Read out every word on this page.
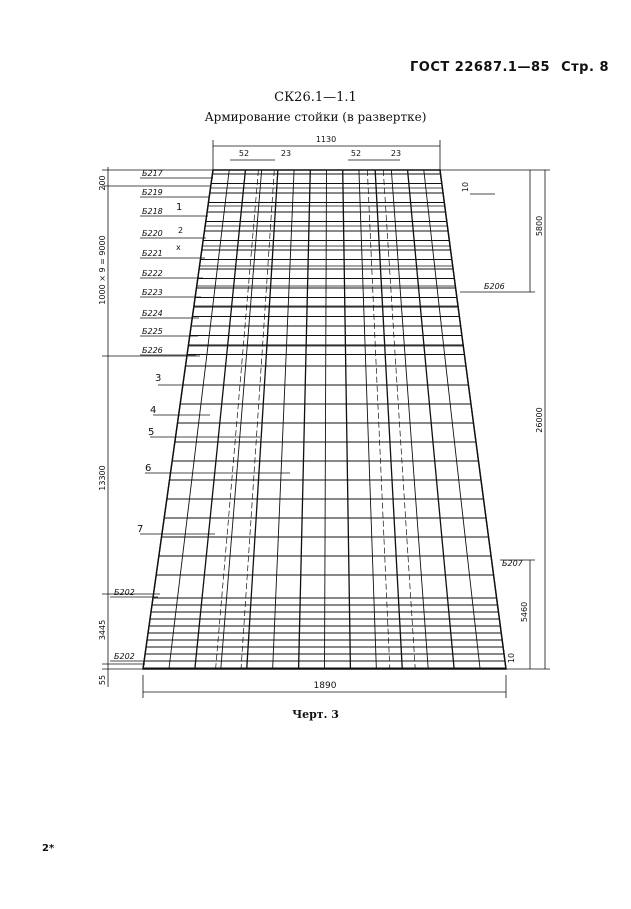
ГОСТ 22687.1—85 Стр. 8
СК26.1—1.1
Армирование стойки (в развертке)
1130
52	23	52	23
1890
200
1000 × 9 = 9000
13300
3445
55
10
5800
26000
5460
10
Б217
Б219
Б218
Б220
Б221
Б222
Б223
Б224
Б225
Б226
Б202
Б202
Б206
Б207
1
2
х
3
4
5
6
7
Черт. 3
2*
